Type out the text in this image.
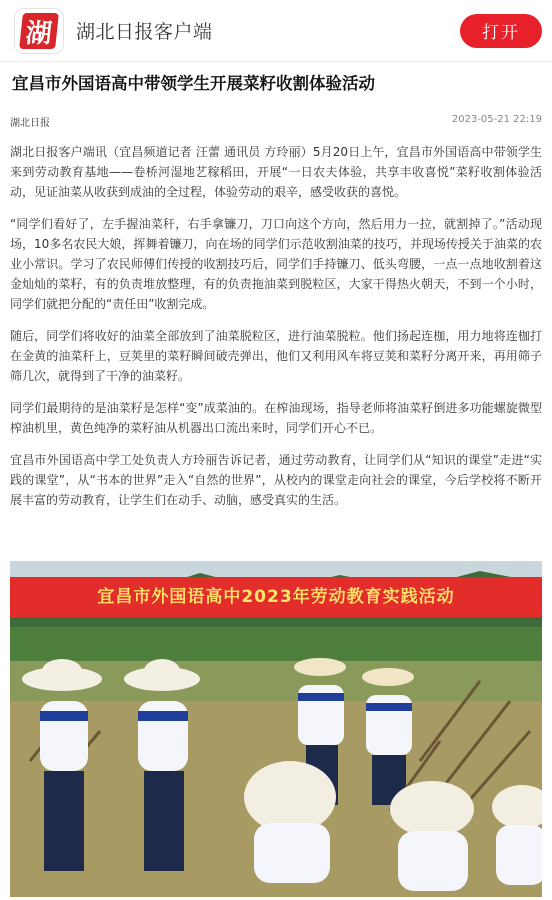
湖 湖北日报客户端	打开
宜昌市外国语高中带领学生开展菜籽收割体验活动
湖北日报	2023-05-21 22:19

湖北日报客户端讯（宜昌频道记者 汪蕾 通讯员 方玲丽）5月20日上午，宜昌市外国语高中带领学生来到劳动教育基地——卷桥河湿地艺稼稻田，开展“一日农夫体验，共享丰收喜悦”菜籽收割体验活动，见证油菜从收获到成油的全过程，体验劳动的艰辛，感受收获的喜悦。

“同学们看好了，左手握油菜秆，右手拿镰刀，刀口向这个方向，然后用力一拉，就割掉了。”活动现场，10多名农民大娘，挥舞着镰刀，向在场的同学们示范收割油菜的技巧，并现场传授关于油菜的农业小常识。学习了农民师傅们传授的收割技巧后，同学们手持镰刀、低头弯腰，一点一点地收割着这金灿灿的菜籽，有的负责堆放整理，有的负责拖油菜到脱粒区，大家干得热火朝天，不到一个小时，同学们就把分配的“责任田”收割完成。

随后，同学们将收好的油菜全部放到了油菜脱粒区，进行油菜脱粒。他们扬起连枷，用力地将连枷打在金黄的油菜秆上，豆荚里的菜籽瞬间破壳弹出，他们又利用风车将豆荚和菜籽分离开来，再用筛子筛几次，就得到了干净的油菜籽。

同学们最期待的是油菜籽是怎样“变”成菜油的。在榨油现场，指导老师将油菜籽倒进多功能螺旋微型榨油机里，黄色纯净的菜籽油从机器出口流出来时，同学们开心不已。

宜昌市外国语高中学工处负责人方玲丽告诉记者，通过劳动教育，让同学们从“知识的课堂”走进“实践的课堂”，从“书本的世界”走入“自然的世界”，从校内的课堂走向社会的课堂，今后学校将不断开展丰富的劳动教育，让学生们在动手、动脑，感受真实的生活。

宜昌市外国语高中2023年劳动教育实践活动
